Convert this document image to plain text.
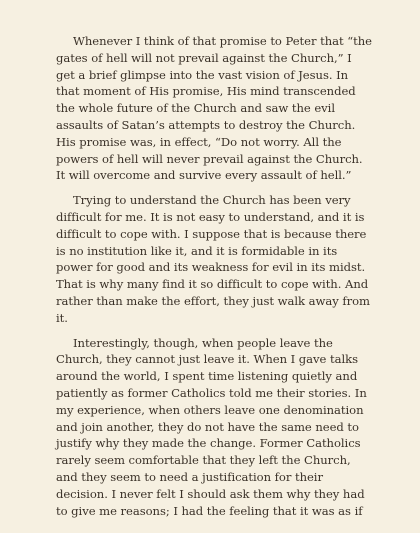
Whenever I think of that promise to Peter that “the gates of hell will not prevail against the Church,” I get a brief glimpse into the vast vision of Jesus. In that moment of His promise, His mind transcended the whole future of the Church and saw the evil assaults of Satan’s attempts to destroy the Church. His promise was, in effect, “Do not worry. All the powers of hell will never prevail against the Church. It will overcome and survive every assault of hell.”

Trying to understand the Church has been very difficult for me. It is not easy to understand, and it is difficult to cope with. I suppose that is because there is no institution like it, and it is formidable in its power for good and its weakness for evil in its midst. That is why many find it so difficult to cope with. And rather than make the effort, they just walk away from it.

Interestingly, though, when people leave the Church, they cannot just leave it. When I gave talks around the world, I spent time listening quietly and patiently as former Catholics told me their stories. In my experience, when others leave one denomination and join another, they do not have the same need to justify why they made the change. Former Catholics rarely seem comfortable that they left the Church, and they seem to need a justification for their decision. I never felt I should ask them why they had to give me reasons; I had the feeling that it was as if
